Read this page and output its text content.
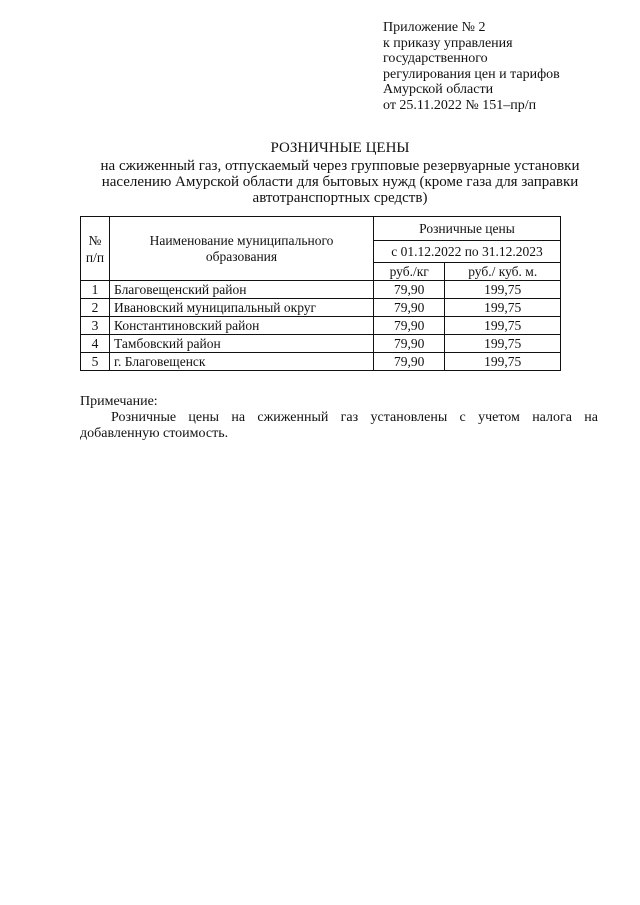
Приложение № 2
к приказу управления
государственного
регулирования цен и тарифов
Амурской области
от 25.11.2022 № 151–пр/п
РОЗНИЧНЫЕ ЦЕНЫ
на сжиженный газ, отпускаемый через групповые резервуарные установки
населению Амурской области для бытовых нужд (кроме газа для заправки
автотранспортных средств)
№
п/п	Наименование муниципального образования	Розничные цены	
		с 01.12.2022 по 31.12.2023	
		руб./кг	руб./ куб. м.
1	Благовещенский район	79,90	199,75
2	Ивановский муниципальный округ	79,90	199,75
3	Константиновский район	79,90	199,75
4	Тамбовский район	79,90	199,75
5	г. Благовещенск	79,90	199,75
Примечание:
Розничные цены на сжиженный газ установлены с учетом налога на добавленную стоимость.
